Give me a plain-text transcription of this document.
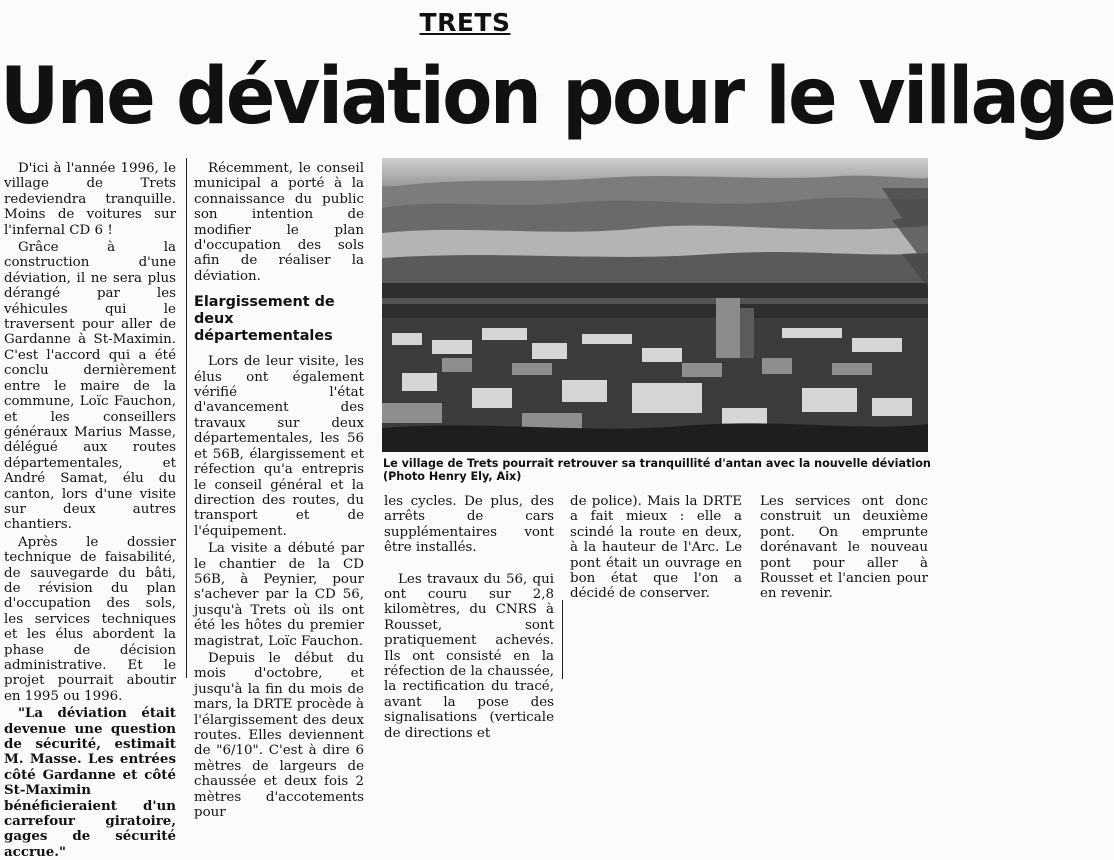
TRETS
Une déviation pour le village

D'ici à l'année 1996, le village de Trets redeviendra tranquille. Moins de voitures sur l'infernal CD 6 !

Grâce à la construction d'une déviation, il ne sera plus dérangé par les véhicules qui le traversent pour aller de Gardanne à St-Maximin. C'est l'accord qui a été conclu dernièrement entre le maire de la commune, Loïc Fauchon, et les conseillers généraux Marius Masse, délégué aux routes départementales, et André Samat, élu du canton, lors d'une visite sur deux autres chantiers.

Après le dossier technique de faisabilité, de sauvegarde du bâti, de révision du plan d'occupation des sols, les services techniques et les élus abordent la phase de décision administrative. Et le projet pourrait aboutir en 1995 ou 1996.

"La déviation était devenue une question de sécurité, estimait M. Masse. Les entrées côté Gardanne et côté St-Maximin bénéficieraient d'un carrefour giratoire, gages de sécurité accrue."

Récemment, le conseil municipal a porté à la connaissance du public son intention de modifier le plan d'occupation des sols afin de réaliser la déviation.

Elargissement de deux départementales

Lors de leur visite, les élus ont également vérifié l'état d'avancement des travaux sur deux départementales, les 56 et 56B, élargissement et réfection qu'a entrepris le conseil général et la direction des routes, du transport et de l'équipement.

La visite a débuté par le chantier de la CD 56B, à Peynier, pour s'achever par la CD 56, jusqu'à Trets où ils ont été les hôtes du premier magistrat, Loïc Fauchon.

Depuis le début du mois d'octobre, et jusqu'à la fin du mois de mars, la DRTE procède à l'élargissement des deux routes. Elles deviennent de "6/10". C'est à dire 6 mètres de largeurs de chaussée et deux fois 2 mètres d'accotements pour

Le village de Trets pourrait retrouver sa tranquillité d'antan avec la nouvelle déviation
(Photo Henry Ely, Aix)

les cycles. De plus, des arrêts de cars supplémentaires vont être installés.

Les travaux du 56, qui ont couru sur 2,8 kilomètres, du CNRS à Rousset, sont pratiquement achevés. Ils ont consisté en la réfection de la chaussée, la rectification du tracé, avant la pose des signalisations (verticale de directions et

de police). Mais la DRTE a fait mieux : elle a scindé la route en deux, à la hauteur de l'Arc. Le pont était un ouvrage en bon état que l'on a décidé de conserver.

Les services ont donc construit un deuxième pont. On emprunte dorénavant le nouveau pont pour aller à Rousset et l'ancien pour en revenir.
